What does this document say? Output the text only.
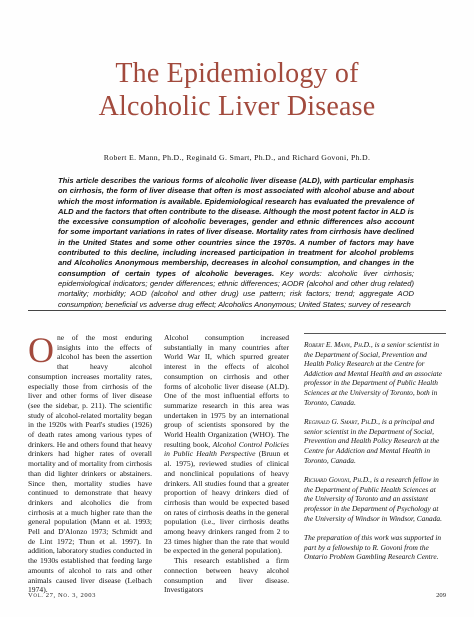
The Epidemiology of
Alcoholic Liver Disease
Robert E. Mann, Ph.D., Reginald G. Smart, Ph.D., and Richard Govoni, Ph.D.
This article describes the various forms of alcoholic liver disease (ALD), with particular emphasis on cirrhosis, the form of liver disease that often is most associated with alcohol abuse and about which the most information is available. Epidemiological research has evaluated the prevalence of ALD and the factors that often contribute to the disease. Although the most potent factor in ALD is the excessive consumption of alcoholic beverages, gender and ethnic differences also account for some important variations in rates of liver disease. Mortality rates from cirrhosis have declined in the United States and some other countries since the 1970s. A number of factors may have contributed to this decline, including increased participation in treatment for alcohol problems and Alcoholics Anonymous membership, decreases in alcohol consumption, and changes in the consumption of certain types of alcoholic beverages. Key words: alcoholic liver cirrhosis; epidemiological indicators; gender differences; ethnic differences; AODR (alcohol and other drug related) mortality; morbidity; AOD (alcohol and other drug) use pattern; risk factors; trend; aggregate AOD consumption; beneficial vs adverse drug effect; Alcoholics Anonymous; United States; survey of research
O ne of the most enduring insights into the effects of alcohol has been the assertion that heavy alcohol consumption increases mortality rates, especially those from cirrhosis of the liver and other forms of liver disease (see the sidebar, p. 211). The scientific study of alcohol-related mortality began in the 1920s with Pearl's studies (1926) of death rates among various types of drinkers. He and others found that heavy drinkers had higher rates of overall mortality and of mortality from cirrhosis than did lighter drinkers or abstainers. Since then, mortality studies have continued to demonstrate that heavy drinkers and alcoholics die from cirrhosis at a much higher rate than the general population (Mann et al. 1993; Pell and D'Alonzo 1973; Schmidt and de Lint 1972; Thun et al. 1997). In addition, laboratory studies conducted in the 1930s established that feeding large amounts of alcohol to rats and other animals caused liver disease (Lelbach 1974).
Alcohol consumption increased substantially in many countries after World War II, which spurred greater interest in the effects of alcohol consumption on cirrhosis and other forms of alcoholic liver disease (ALD). One of the most influential efforts to summarize research in this area was undertaken in 1975 by an international group of scientists sponsored by the World Health Organization (WHO). The resulting book, Alcohol Control Policies in Public Health Perspective (Bruun et al. 1975), reviewed studies of clinical and nonclinical populations of heavy drinkers. All studies found that a greater proportion of heavy drinkers died of cirrhosis than would be expected based on rates of cirrhosis deaths in the general population (i.e., liver cirrhosis deaths among heavy drinkers ranged from 2 to 23 times higher than the rate that would be expected in the general population).
This research established a firm connection between heavy alcohol consumption and liver disease. Investigators

Robert E. Mann, Ph.D., is a senior scientist in the Department of Social, Prevention and Health Policy Research at the Centre for Addiction and Mental Health and an associate professor in the Department of Public Health Sciences at the University of Toronto, both in Toronto, Canada.

Reginald G. Smart, Ph.D., is a principal and senior scientist in the Department of Social, Prevention and Health Policy Research at the Centre for Addiction and Mental Health in Toronto, Canada.

Richard Govoni, Ph.D., is a research fellow in the Department of Public Health Sciences at the University of Toronto and an assistant professor in the Department of Psychology at the University of Windsor in Windsor, Canada.

The preparation of this work was supported in part by a fellowship to R. Govoni from the Ontario Problem Gambling Research Centre.

Vol. 27, No. 3, 2003	209
